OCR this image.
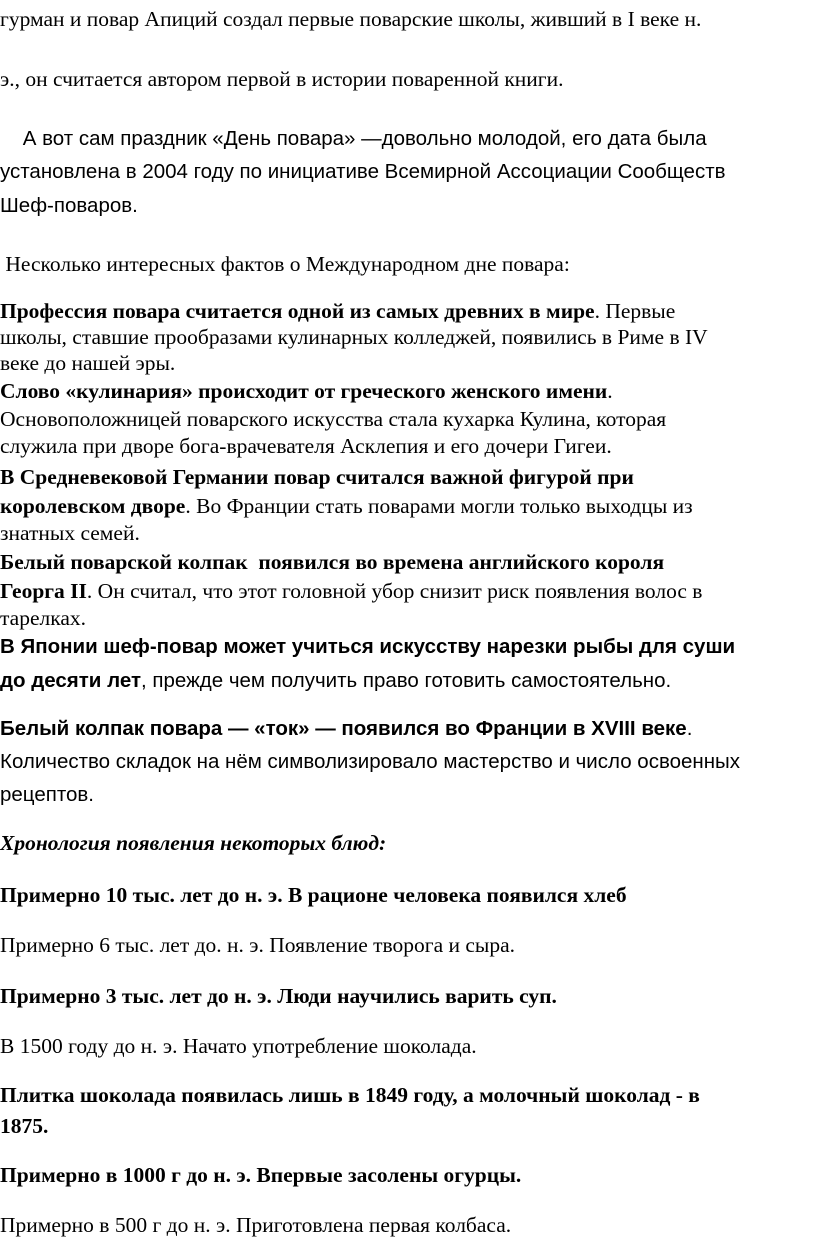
гурман и повар Апиций создал первые поварские школы, живший в I веке н.
э., он считается автором первой в истории поваренной книги.
А вот сам праздник «День повара» —довольно молодой, его дата была
установлена в 2004 году по инициативе Всемирной Ассоциации Сообществ
Шеф-поваров.
Несколько интересных фактов о Международном дне повара:
Профессия повара считается одной из самых древних в мире. Первые
школы, ставшие прообразами кулинарных колледжей, появились в Риме в IV
веке до нашей эры.
Слово «кулинария» происходит от греческого женского имени.
Основоположницей поварского искусства стала кухарка Кулина, которая
служила при дворе бога-врачевателя Асклепия и его дочери Гигеи.
В Средневековой Германии повар считался важной фигурой при
королевском дворе. Во Франции стать поварами могли только выходцы из
знатных семей.
Белый поварской колпак  появился во времена английского короля
Георга II. Он считал, что этот головной убор снизит риск появления волос в
тарелках.
В Японии шеф-повар может учиться искусству нарезки рыбы для суши
до десяти лет, прежде чем получить право готовить самостоятельно.
Белый колпак повара — «ток» — появился во Франции в XVIII веке.
Количество складок на нём символизировало мастерство и число освоенных
рецептов.
Хронология появления некоторых блюд:
Примерно 10 тыс. лет до н. э. В рационе человека появился хлеб
Примерно 6 тыс. лет до. н. э. Появление творога и сыра.
Примерно 3 тыс. лет до н. э. Люди научились варить суп.
В 1500 году до н. э. Начато употребление шоколада.
Плитка шоколада появилась лишь в 1849 году, а молочный шоколад - в
1875.
Примерно в 1000 г до н. э. Впервые засолены огурцы.
Примерно в 500 г до н. э. Приготовлена первая колбаса.
